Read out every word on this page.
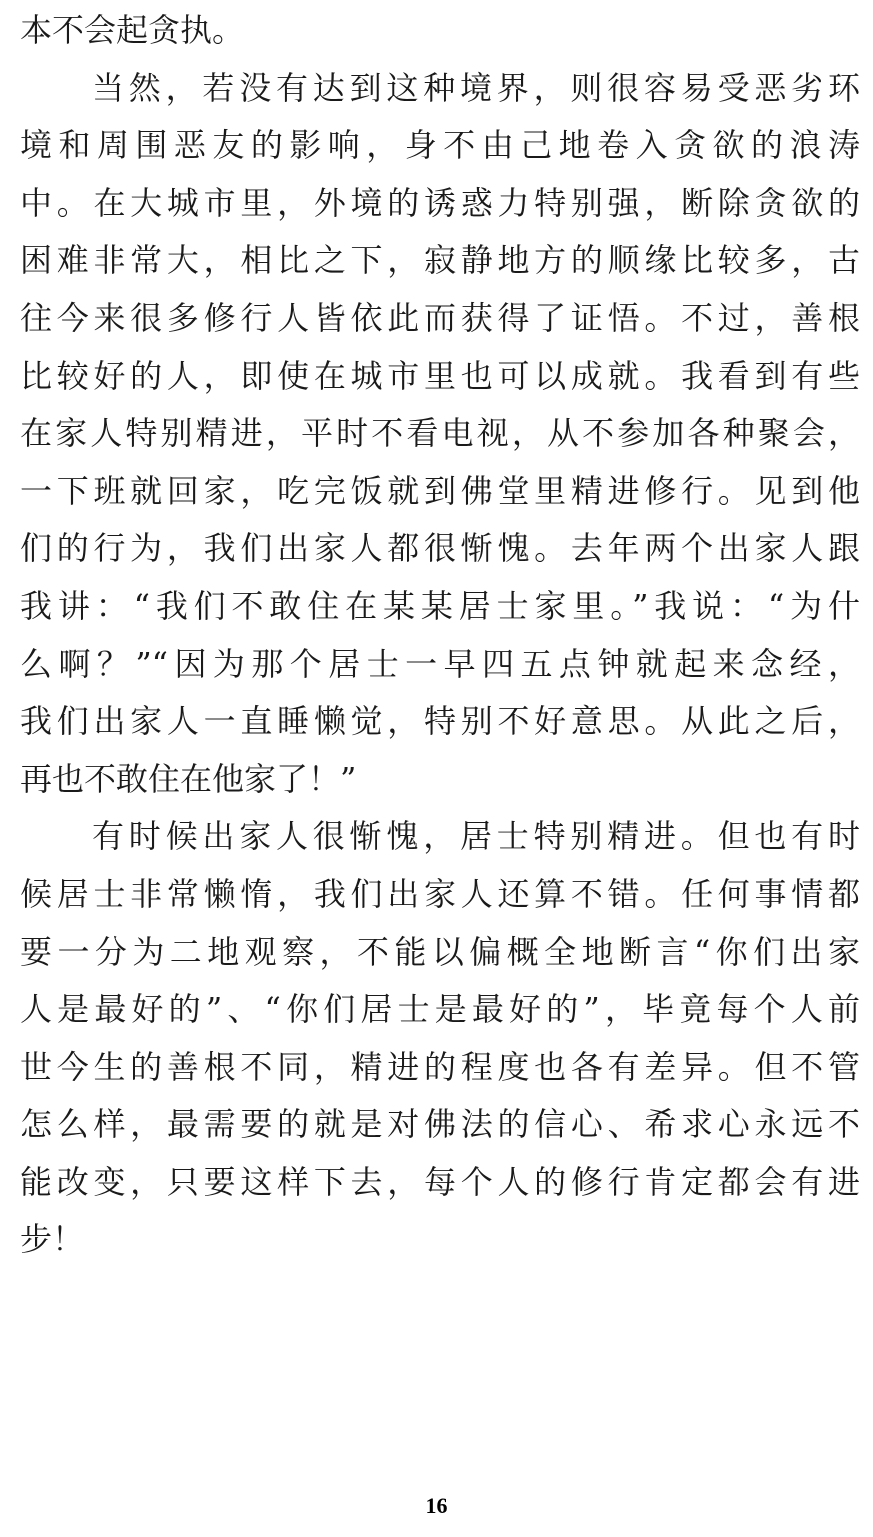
本不会起贪执。
当然，若没有达到这种境界，则很容易受恶劣环
境和周围恶友的影响，身不由己地卷入贪欲的浪涛
中。在大城市里，外境的诱惑力特别强，断除贪欲的
困难非常大，相比之下，寂静地方的顺缘比较多，古
往今来很多修行人皆依此而获得了证悟。不过，善根
比较好的人，即使在城市里也可以成就。我看到有些
在家人特别精进，平时不看电视，从不参加各种聚会，
一下班就回家，吃完饭就到佛堂里精进修行。见到他
们的行为，我们出家人都很惭愧。去年两个出家人跟
我讲：“我们不敢住在某某居士家里。”我说：“为什
么啊？”“因为那个居士一早四五点钟就起来念经，
我们出家人一直睡懒觉，特别不好意思。从此之后，
再也不敢住在他家了！”
有时候出家人很惭愧，居士特别精进。但也有时
候居士非常懒惰，我们出家人还算不错。任何事情都
要一分为二地观察，不能以偏概全地断言“你们出家
人是最好的”、“你们居士是最好的”，毕竟每个人前
世今生的善根不同，精进的程度也各有差异。但不管
怎么样，最需要的就是对佛法的信心、希求心永远不
能改变，只要这样下去，每个人的修行肯定都会有进
步！
16
